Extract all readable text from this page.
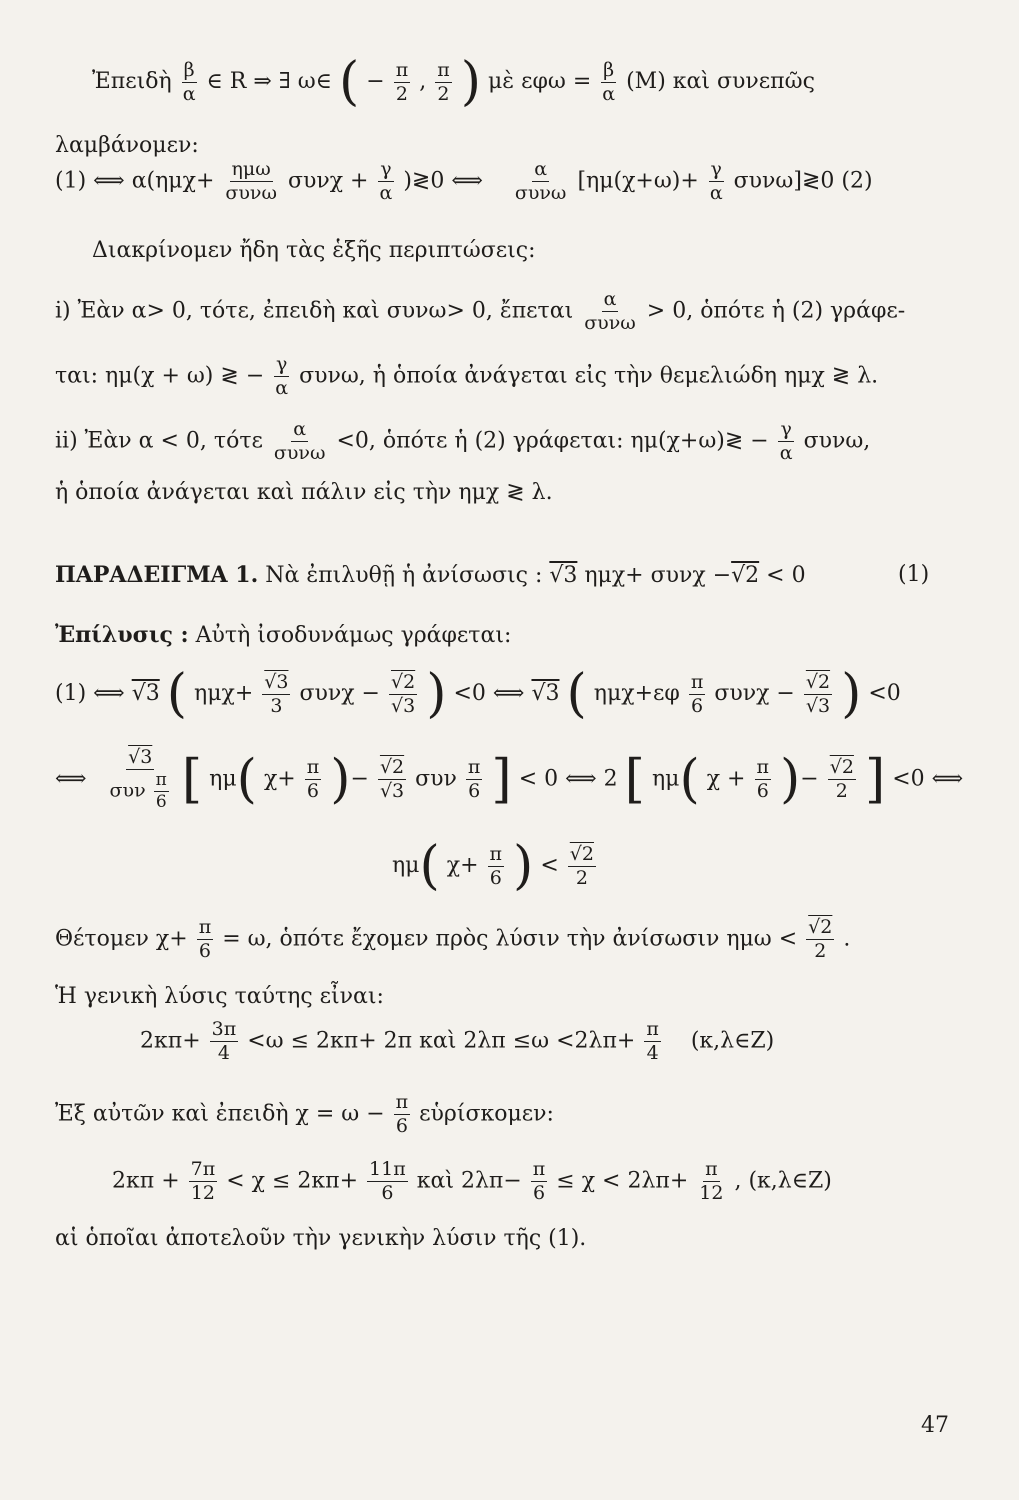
Ἐπειδὴ $\frac{\beta}{\alpha}$ ∈ R ⇒ ∃ ω∈ ( − $\frac{\pi}{2}$ , $\frac{\pi}{2}$ ) μὲ $\varepsilon\varphi\omega = \frac{\beta}{\alpha} (M)$ καὶ συνεπῶς
λαμβάνομεν:
(1) ⟺ $\alpha(\eta\mu\chi+ \frac{\text{ημω}}{\text{συνω}}$ $\sigma\upsilon\nu\chi + \frac{\gamma}{\alpha}$ )≷0 ⟺ $\frac{\alpha}{\text{συνω}} [\eta\mu(\chi+\omega)+ \frac{\gamma}{\alpha}$ συνω]≷0 (2)
Διακρίνομεν ἤδη τὰς ἑξῆς περιπτώσεις:
i) Ἐὰν α> 0, τότε, ἐπειδὴ καὶ συνω> 0, ἔπεται $\frac{\alpha}{\text{συνω}} > 0$, ὁπότε ἡ (2) γράφε-
ται: ημ(χ + ω) ≷ − $\frac{\gamma}{\alpha} \sigma\upsilon\nu\omega$, ἡ ὁποία ἀνάγεται εἰς τὴν θεμελιώδη ημχ ≷ λ.
ii) Ἐὰν α < 0, τότε $\frac{\alpha}{\text{συνω}} <0$, ὁπότε ἡ (2) γράφεται: ημ(χ+ω)≷ − $\frac{\gamma}{\alpha} \sigma\upsilon\nu\omega$,
ἡ ὁποία ἀνάγεται καὶ πάλιν εἰς τὴν ημχ ≷ λ.
ΠΑΡΑΔΕΙΓΜΑ 1. Νὰ ἐπιλυθῇ ἡ ἀνίσωσις : √3 ημχ+ συνχ −√2 < 0	(1)
Ἐπίλυσις : Αὐτὴ ἰσοδυνάμως γράφεται:
(1) ⟺ √3 ( $\eta\mu\chi+ \frac{√3}{3}$ $\sigma\upsilon\nu\chi - \frac{√2}{√3}$ ) <0 ⟺ √3 ( $\eta\mu\chi+\varepsilon\varphi \frac{\pi}{6}$ $\sigma\upsilon\nu\chi - \frac{√2}{√3}$ ) <0
⟺ $\frac{√3}{\sigma\upsilon\nu \frac{\pi}{6}}$ [ ημ( $\chi+ \frac{\pi}{6}$ )− $\frac{√2}{√3}$ συν $\frac{\pi}{6}$ ] < 0 ⟺ 2 [ ημ( $\chi + \frac{\pi}{6}$ )− $\frac{√2}{2}$ ] <0 ⟺
ημ( $\chi+ \frac{\pi}{6}$ ) < $\frac{√2}{2}$
Θέτομεν $\chi+ \frac{\pi}{6} = \omega$, ὁπότε ἔχομεν πρὸς λύσιν τὴν ἀνίσωσιν $\eta\mu\omega < \frac{√2}{2}$ .
Ἡ γενικὴ λύσις ταύτης εἶναι:
$2\kappa\pi+ \frac{3\pi}{4} <\omega \le 2\kappa\pi+ 2\pi$ καὶ $2\lambda\pi \le\omega <2\lambda\pi+ \frac{\pi}{4}$ (κ,λ∈Z)
Ἐξ αὐτῶν καὶ ἐπειδὴ $\chi = \omega - \frac{\pi}{6}$ εὑρίσκομεν:
$2\kappa\pi + \frac{7\pi}{12} < \chi \le 2\kappa\pi+ \frac{11\pi}{6}$ καὶ $2\lambda\pi- \frac{\pi}{6} \le \chi < 2\lambda\pi+ \frac{\pi}{12}$ , (κ,λ∈Z)
αἱ ὁποῖαι ἀποτελοῦν τὴν γενικὴν λύσιν τῆς (1).
47
